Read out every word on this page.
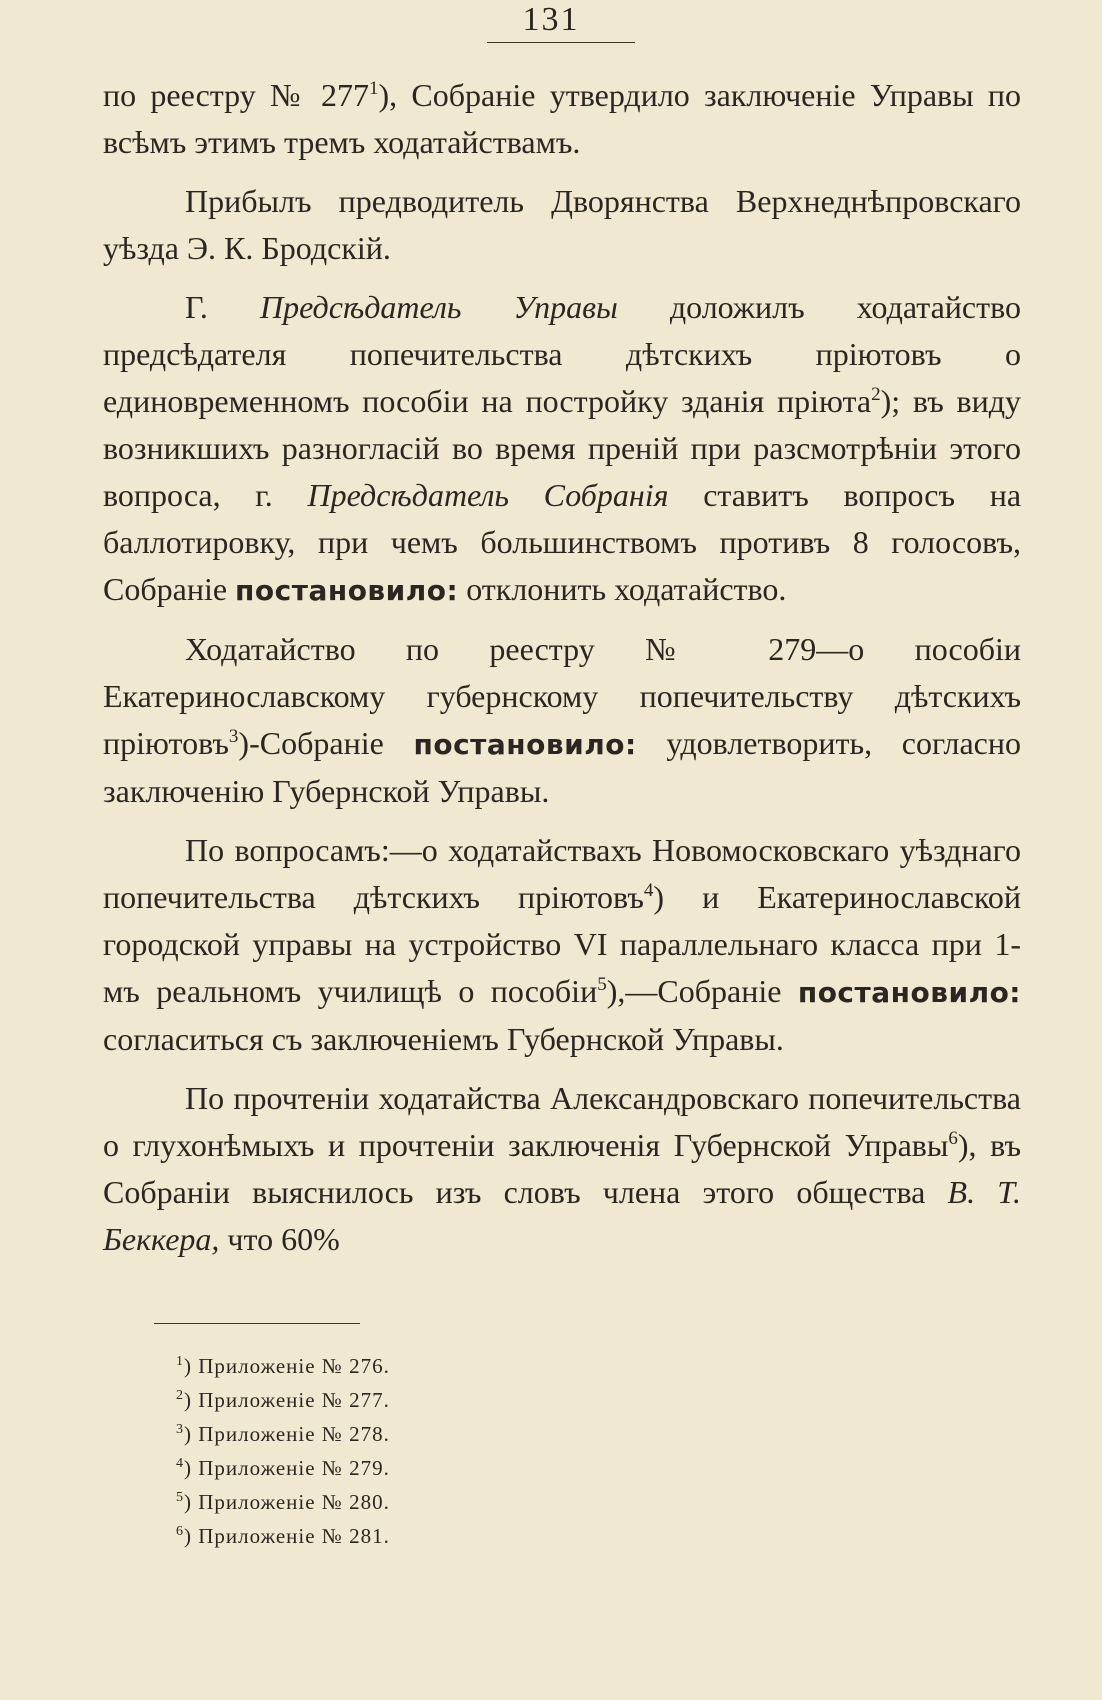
131

по реестру № $277^1$), Собраніе утвердило заключеніе Управы по всѣмъ этимъ тремъ ходатайствамъ.

Прибылъ предводитель Дворянства Верхнеднѣпровскаго уѣзда Э. К. Бродскій.

Г. Предсѣдатель Управы доложилъ ходатайство предсѣдателя попечительства дѣтскихъ пріютовъ о единовременномъ пособіи на постройку зданія пріюта$^2$); въ виду возникшихъ разногласій во время преній при разсмотрѣніи этого вопроса, г. Предсѣдатель Собранія ставитъ вопросъ на баллотировку, при чемъ большинствомъ противъ 8 голосовъ, Собраніе постановило: отклонить ходатайство.

Ходатайство по реестру № 279—о пособіи Екатеринославскому губернскому попечительству дѣтскихъ пріютовъ$^3$)-Собраніе постановило: удовлетворить, согласно заключенію Губернской Управы.

По вопросамъ:—о ходатайствахъ Новомосковскаго уѣзднаго попечительства дѣтскихъ пріютовъ$^4$) и Екатеринославской городской управы на устройство VI параллельнаго класса при 1-мъ реальномъ училищѣ о пособіи$^5$),—Собраніе постановило: согласиться съ заключеніемъ Губернской Управы.

По прочтеніи ходатайства Александровскаго попечительства о глухонѣмыхъ и прочтеніи заключенія Губернской Управы$^6$), въ Собраніи выяснилось изъ словъ члена этого общества В. Т. Беккера, что 60%

$^1$) Приложеніе № 276.
$^2$) Приложеніе № 277.
$^3$) Приложеніе № 278.
$^4$) Приложеніе № 279.
$^5$) Приложеніе № 280.
$^6$) Приложеніе № 281.
